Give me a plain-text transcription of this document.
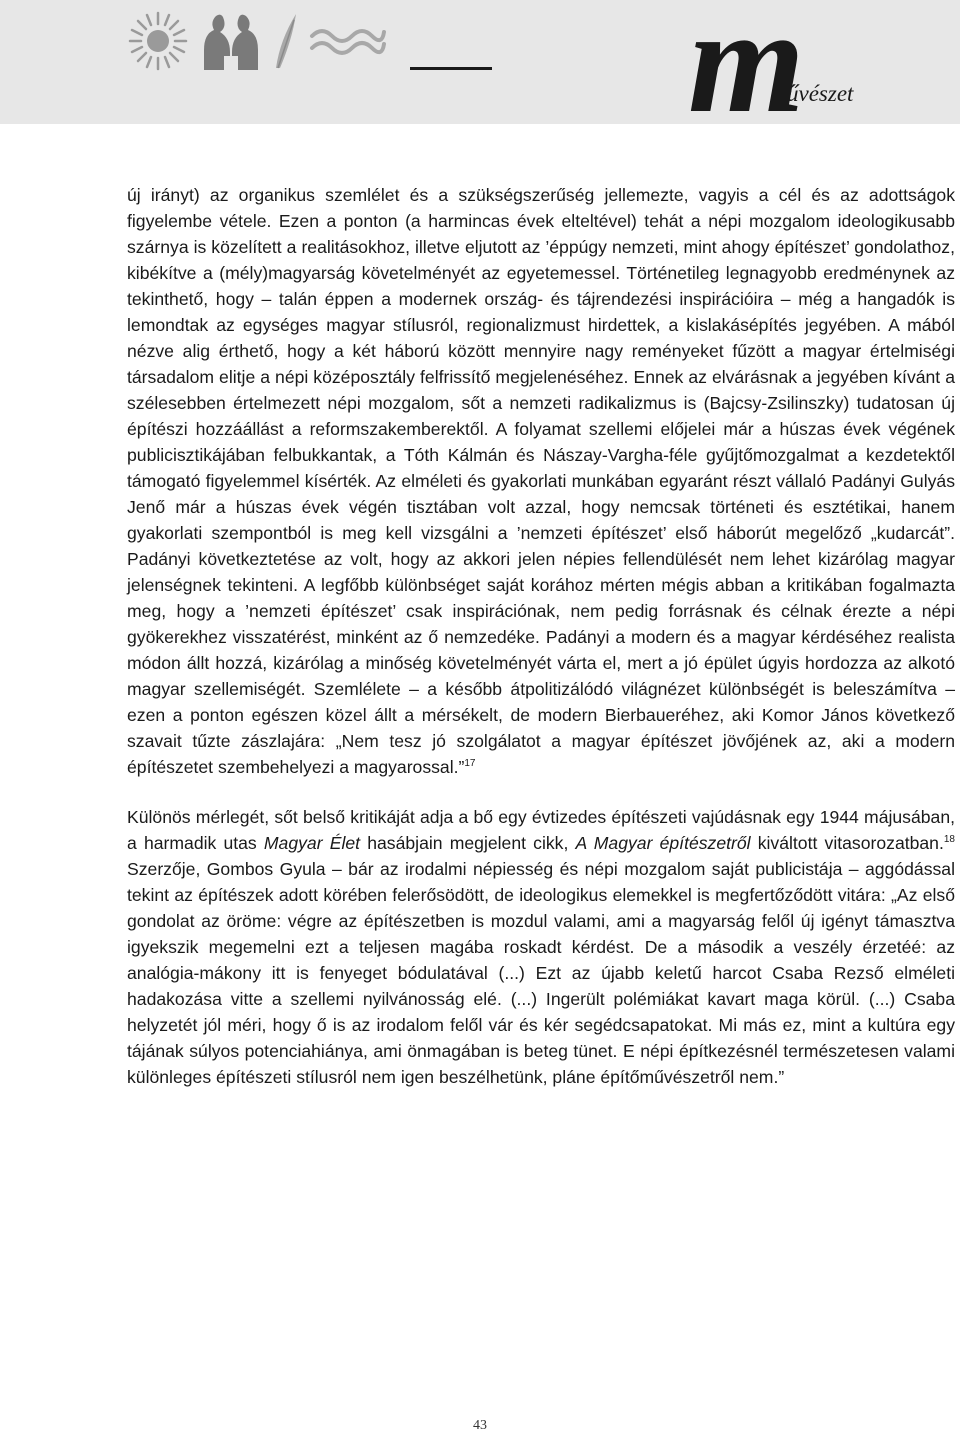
m
űvészet

új irányt) az organikus szemlélet és a szükségszerűség jellemezte, vagyis a cél és az adottságok figyelembe vétele. Ezen a ponton (a harmincas évek elteltével) tehát a népi mozgalom ideologikusabb szárnya is közelített a realitásokhoz, illetve eljutott az ’éppúgy nemzeti, mint ahogy építészet’ gondolathoz, kibékítve a (mély)magyarság követelményét az egyetemessel. Történetileg legnagyobb eredménynek az tekinthető, hogy – talán éppen a modernek ország- és tájrendezési inspirációira – még a hangadók is lemondtak az egységes magyar stílusról, regionalizmust hirdettek, a kislakásépítés jegyében. A mából nézve alig érthető, hogy a két háború között mennyire nagy reményeket fűzött a magyar értelmiségi társadalom elitje a népi középosztály felfrissítő megjelenéséhez. Ennek az elvárásnak a jegyében kívánt a szélesebben értelmezett népi mozgalom, sőt a nemzeti radikalizmus is (Bajcsy-Zsilinszky) tudatosan új építészi hozzáállást a reformszakemberektől. A folyamat szellemi előjelei már a húszas évek végének publicisztikájában felbukkantak, a Tóth Kálmán és Nászay-Vargha-féle gyűjtőmozgalmat a kezdetektől támogató figyelemmel kísérték. Az elméleti és gyakorlati munkában egyaránt részt vállaló Padányi Gulyás Jenő már a húszas évek végén tisztában volt azzal, hogy nemcsak történeti és esztétikai, hanem gyakorlati szempontból is meg kell vizsgálni a ’nemzeti építészet’ első háborút megelőző „kudarcát”. Padányi következtetése az volt, hogy az akkori jelen népies fellendülését nem lehet kizárólag magyar jelenségnek tekinteni. A legfőbb különbséget saját korához mérten mégis abban a kritikában fogalmazta meg, hogy a ’nemzeti építészet’ csak inspirációnak, nem pedig forrásnak és célnak érezte a népi gyökerekhez visszatérést, minként az ő nemzedéke. Padányi a modern és a magyar kérdéséhez realista módon állt hozzá, kizárólag a minőség követelményét várta el, mert a jó épület úgyis hordozza az alkotó magyar szellemiségét. Szemlélete – a később átpolitizálódó világnézet különbségét is beleszámítva – ezen a ponton egészen közel állt a mérsékelt, de modern Bierbaueréhez, aki Komor János következő szavait tűzte zászlajára: „Nem tesz jó szolgálatot a magyar építészet jövőjének az, aki a modern építészetet szembehelyezi a magyarossal.”$^{17}$

Különös mérlegét, sőt belső kritikáját adja a bő egy évtizedes építészeti vajúdásnak egy 1944 májusában, a harmadik utas Magyar Élet hasábjain megjelent cikk, A Magyar építészetről kiváltott vitasorozatban.$^{18}$ Szerzője, Gombos Gyula – bár az irodalmi népiesség és népi mozgalom saját publicistája – aggódással tekint az építészek adott körében felerősödött, de ideologikus elemekkel is megfertőződött vitára: „Az első gondolat az öröme: végre az építészetben is mozdul valami, ami a magyarság felől új igényt támasztva igyekszik megemelni ezt a teljesen magába roskadt kérdést. De a második a veszély érzetéé: az analógia-mákony itt is fenyeget bódulatával (...) Ezt az újabb keletű harcot Csaba Rezső elméleti hadakozása vitte a szellemi nyilvánosság elé. (...) Ingerült polémiákat kavart maga körül. (...) Csaba helyzetét jól méri, hogy ő is az irodalom felől vár és kér segédcsapatokat. Mi más ez, mint a kultúra egy tájának súlyos potenciahiánya, ami önmagában is beteg tünet. E népi építkezésnél természetesen valami különleges építészeti stílusról nem igen beszélhetünk, pláne építőművészetről nem.”

43
